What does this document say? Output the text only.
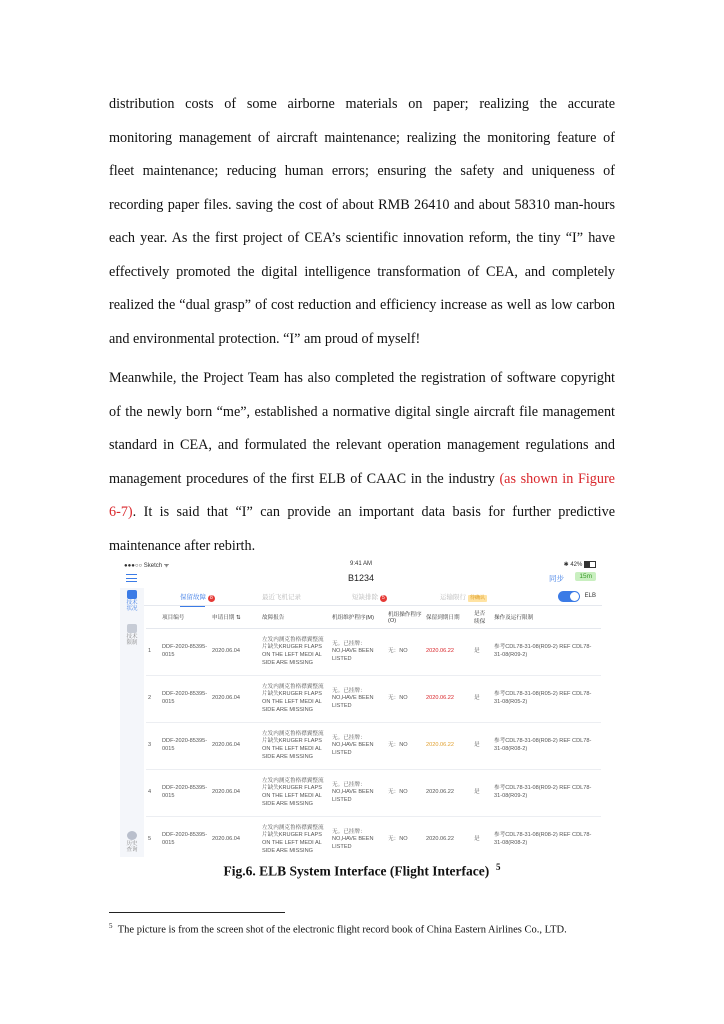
distribution costs of some airborne materials on paper; realizing the accurate
monitoring management of aircraft maintenance; realizing the monitoring feature of
fleet maintenance; reducing human errors; ensuring the safety and uniqueness of
recording paper files. saving the cost of about RMB 26410 and about 58310 man-hours
each year. As the first project of CEA’s scientific innovation reform, the tiny “I” have
effectively promoted the digital intelligence transformation of CEA, and completely
realized the “dual grasp” of cost reduction and efficiency increase as well as low carbon
and environmental protection. “I” am proud of myself!
Meanwhile, the Project Team has also completed the registration of software copyright
of the newly born “me”, established a normative digital single aircraft file management
standard in CEA, and formulated the relevant operation management regulations and
management procedures of the first ELB of CAAC in the industry (as shown in Figure
6-7). It is said that “I” can provide an important data basis for further predictive
maintenance after rebirth.
●●●○○ Sketch ᯤ	9:41 AM	✱ 42%
B1234	同步	15m
技术
状况
技术
限制
历史
查询
保留故障 8	最近飞机记录	短缺排除 5	运输限行 待确认	ELB
	项目编号	申请日期 ⇅	故障报告	机组维护程序(M)	机组操作程序(O)	保留到期日期	是否续保	操作及运行限制
1	DDF-2020-85395-0015	2020.06.04	左发内测克鲁格襟翼整流片缺失KRUGER FLAPS ON THE LEFT MEDI AL SIDE ARE MISSING	无。已挂牌：NO,HAVE BEEN LISTED	无：NO	2020.06.22	是	参考CDL78-31-08(R09-2) REF CDL78-31-08(R09-2)
2	DDF-2020-85395-0015	2020.06.04	左发内测克鲁格襟翼整流片缺失KRUGER FLAPS ON THE LEFT MEDI AL SIDE ARE MISSING	无。已挂牌：NO,HAVE BEEN LISTED	无：NO	2020.06.22	是	参考CDL78-31-08(R05-2) REF CDL78-31-08(R05-2)
3	DDF-2020-85395-0015	2020.06.04	左发内测克鲁格襟翼整流片缺失KRUGER FLAPS ON THE LEFT MEDI AL SIDE ARE MISSING	无。已挂牌：NO,HAVE BEEN LISTED	无：NO	2020.06.22	是	参考CDL78-31-08(R08-2) REF CDL78-31-08(R08-2)
4	DDF-2020-85395-0015	2020.06.04	左发内测克鲁格襟翼整流片缺失KRUGER FLAPS ON THE LEFT MEDI AL SIDE ARE MISSING	无。已挂牌：NO,HAVE BEEN LISTED	无：NO	2020.06.22	是	参考CDL78-31-08(R09-2) REF CDL78-31-08(R09-2)
5	DDF-2020-85395-0015	2020.06.04	左发内测克鲁格襟翼整流片缺失KRUGER FLAPS ON THE LEFT MEDI AL SIDE ARE MISSING	无。已挂牌：NO,HAVE BEEN LISTED	无：NO	2020.06.22	是	参考CDL78-31-08(R08-2) REF CDL78-31-08(R08-2)
Fig.6. ELB System Interface (Flight Interface) $^5$
$^5$ The picture is from the screen shot of the electronic flight record book of China Eastern Airlines Co., LTD.
